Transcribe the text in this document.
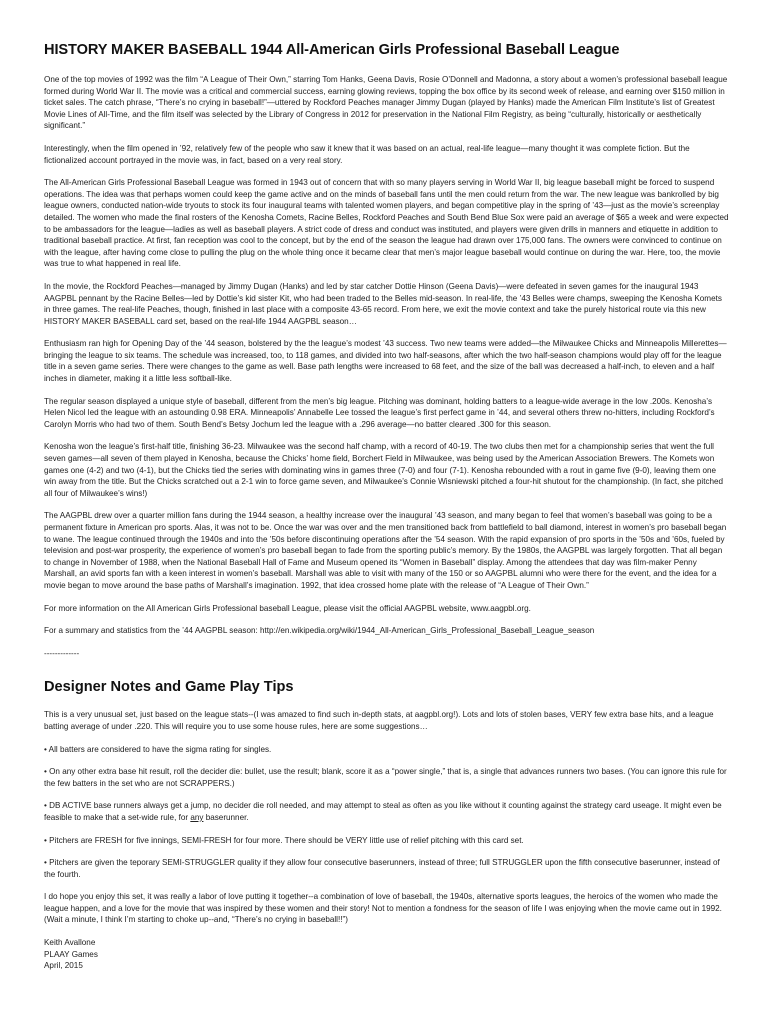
HISTORY MAKER BASEBALL 1944 All-American Girls Professional Baseball League

One of the top movies of 1992 was the film “A League of Their Own,” starring Tom Hanks, Geena Davis, Rosie O’Donnell and Madonna, a story about a women’s professional baseball league formed during World War II. The movie was a critical and commercial success, earning glowing reviews, topping the box office by its second week of release, and earning over $150 million in ticket sales. The catch phrase, “There’s no crying in baseball!”—uttered by Rockford Peaches manager Jimmy Dugan (played by Hanks) made the American Film Institute’s list of Greatest Movie Lines of All-Time, and the film itself was selected by the Library of Congress in 2012 for preservation in the National Film Registry, as being “culturally, historically or aesthetically significant.”

Interestingly, when the film opened in ’92, relatively few of the people who saw it knew that it was based on an actual, real-life league—many thought it was complete fiction. But the fictionalized account portrayed in the movie was, in fact, based on a very real story.

The All-American Girls Professional Baseball League was formed in 1943 out of concern that with so many players serving in World War II, big league baseball might be forced to suspend operations. The idea was that perhaps women could keep the game active and on the minds of baseball fans until the men could return from the war. The new league was bankrolled by big league owners, conducted nation-wide tryouts to stock its four inaugural teams with talented women players, and began competitive play in the spring of ’43—just as the movie’s screenplay detailed. The women who made the final rosters of the Kenosha Comets, Racine Belles, Rockford Peaches and South Bend Blue Sox were paid an average of $65 a week and were expected to be ambassadors for the league—ladies as well as baseball players. A strict code of dress and conduct was instituted, and players were given drills in manners and etiquette in addition to traditional baseball practice. At first, fan reception was cool to the concept, but by the end of the season the league had drawn over 175,000 fans. The owners were convinced to continue on with the league, after having come close to pulling the plug on the whole thing once it became clear that men’s major league baseball would continue on during the war. Here, too, the movie was true to what happened in real life.

In the movie, the Rockford Peaches—managed by Jimmy Dugan (Hanks) and led by star catcher Dottie Hinson (Geena Davis)—were defeated in seven games for the inaugural 1943 AAGPBL pennant by the Racine Belles—led by Dottie’s kid sister Kit, who had been traded to the Belles mid-season. In real-life, the ’43 Belles were champs, sweeping the Kenosha Komets in three games. The real-life Peaches, though, finished in last place with a composite 43-65 record. From here, we exit the movie context and take the purely historical route via this new HISTORY MAKER BASEBALL card set, based on the real-life 1944 AAGPBL season…

Enthusiasm ran high for Opening Day of the ’44 season, bolstered by the the league’s modest ’43 success. Two new teams were added—the Milwaukee Chicks and Minneapolis Millerettes—bringing the league to six teams. The schedule was increased, too, to 118 games, and divided into two half-seasons, after which the two half-season champions would play off for the league title in a seven game series. There were changes to the game as well. Base path lengths were increased to 68 feet, and the size of the ball was decreased a half-inch, to eleven and a half inches in diameter, making it a little less softball-like.

The regular season displayed a unique style of baseball, different from the men’s big league. Pitching was dominant, holding batters to a league-wide average in the low .200s. Kenosha’s Helen Nicol led the league with an astounding 0.98 ERA. Minneapolis’ Annabelle Lee tossed the league’s first perfect game in ’44, and several others threw no-hitters, including Rockford’s Carolyn Morris who had two of them. South Bend’s Betsy Jochum led the league with a .296 average—no batter cleared .300 for this season.

Kenosha won the league’s first-half title, finishing 36-23. Milwaukee was the second half champ, with a record of 40-19. The two clubs then met for a championship series that went the full seven games—all seven of them played in Kenosha, because the Chicks’ home field, Borchert Field in Milwaukee, was being used by the American Association Brewers. The Komets won games one (4-2) and two (4-1), but the Chicks tied the series with dominating wins in games three (7-0) and four (7-1). Kenosha rebounded with a rout in game five (9-0), leaving them one win away from the title. But the Chicks scratched out a 2-1 win to force game seven, and Milwaukee’s Connie Wisniewski pitched a four-hit shutout for the championship. (In fact, she pitched all four of Milwaukee’s wins!)

The AAGPBL drew over a quarter million fans during the 1944 season, a healthy increase over the inaugural ’43 season, and many began to feel that women’s baseball was going to be a permanent fixture in American pro sports. Alas, it was not to be. Once the war was over and the men transitioned back from battlefield to ball diamond, interest in women’s pro baseball began to wane. The league continued through the 1940s and into the ’50s before discontinuing operations after the ’54 season. With the rapid expansion of pro sports in the ’50s and ’60s, fueled by television and post-war prosperity, the experience of women’s pro baseball began to fade from the sporting public’s memory. By the 1980s, the AAGPBL was largely forgotten. That all began to change in November of 1988, when the National Baseball Hall of Fame and Museum opened its “Women in Baseball” display. Among the attendees that day was film-maker Penny Marshall, an avid sports fan with a keen interest in women’s baseball. Marshall was able to visit with many of the 150 or so AAGPBL alumni who were there for the event, and the idea for a movie began to move around the base paths of Marshall’s imagination. 1992, that idea crossed home plate with the release of “A League of Their Own.”

For more information on the All American Girls Professional baseball League, please visit the official AAGPBL website, www.aagpbl.org.

For a summary and statistics from the ’44 AAGPBL season: http://en.wikipedia.org/wiki/1944_All-American_Girls_Professional_Baseball_League_season

-------------

Designer Notes and Game Play Tips

This is a very unusual set, just based on the league stats--(I was amazed to find such in-depth stats, at aagpbl.org!). Lots and lots of stolen bases, VERY few extra base hits, and a league batting average of under .220. This will require you to use some house rules, here are some suggestions…

• All batters are considered to have the sigma rating for singles.

• On any other extra base hit result, roll the decider die: bullet, use the result; blank, score it as a “power single,” that is, a single that advances runners two bases. (You can ignore this rule for the few batters in the set who are not SCRAPPERS.)

• DB ACTIVE base runners always get a jump, no decider die roll needed, and may attempt to steal as often as you like without it counting against the strategy card useage. It might even be feasible to make that a set-wide rule, for any baserunner.

• Pitchers are FRESH for five innings, SEMI-FRESH for four more. There should be VERY little use of relief pitching with this card set.

• Pitchers are given the teporary SEMI-STRUGGLER quality if they allow four consecutive baserunners, instead of three; full STRUGGLER upon the fifth consecutive baserunner, instead of the fourth.

I do hope you enjoy this set, it was really a labor of love putting it together--a combination of love of baseball, the 1940s, alternative sports leagues, the heroics of the women who made the league happen, and a love for the movie that was inspired by these women and their story! Not to mention a fondness for the season of life I was enjoying when the movie came out in 1992. (Wait a minute, I think I’m starting to choke up--and, “There’s no crying in baseball!!”)

Keith Avallone

PLAAY Games

April, 2015
